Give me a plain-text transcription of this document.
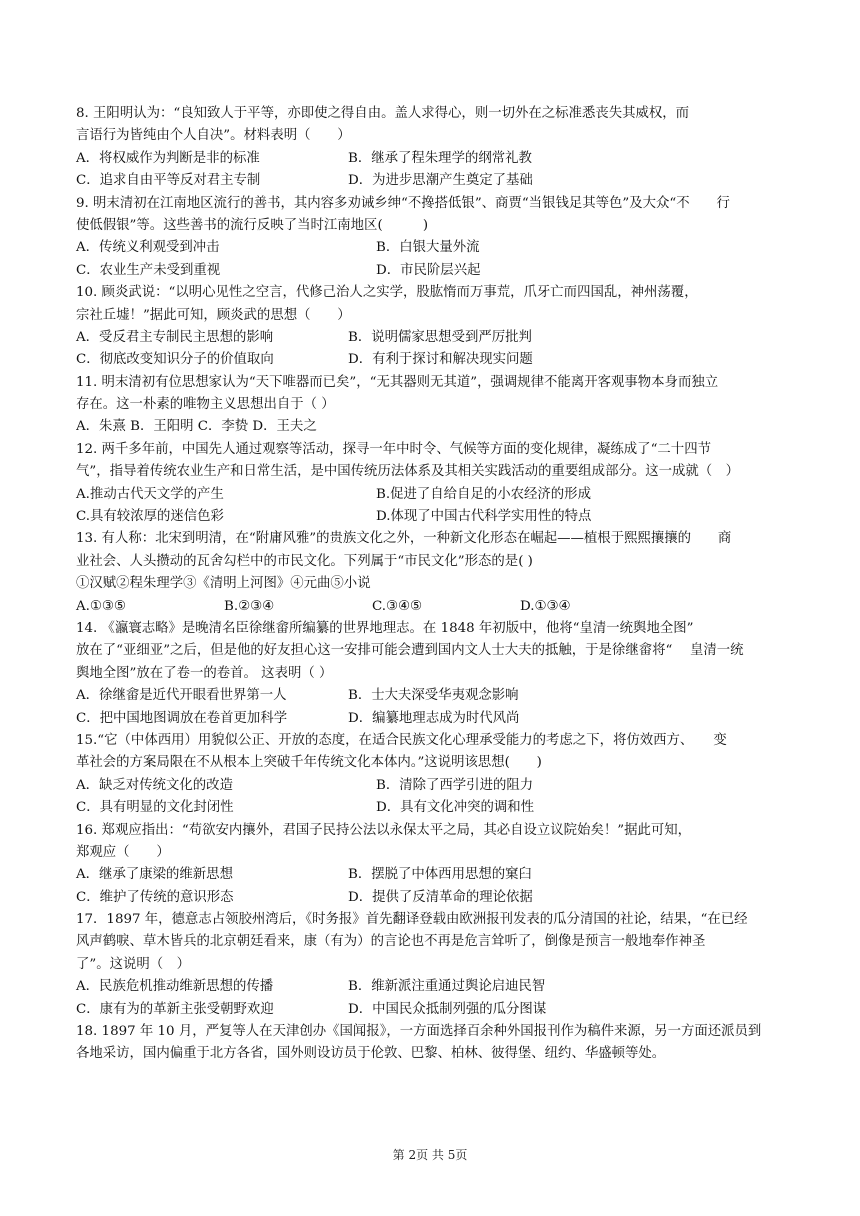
8. 王阳明认为：“良知致人于平等，亦即使之得自由。盖人求得心，则一切外在之标准悉丧失其威权，而
言语行为皆纯由个人自决”。材料表明（　　）
A．将权威作为判断是非的标准	B．继承了程朱理学的纲常礼教
C．追求自由平等反对君主专制	D．为进步思潮产生奠定了基础
9. 明末清初在江南地区流行的善书，其内容多劝诫乡绅“不搀搭低银”、商贾“当银钱足其等色”及大众“不　　行
使低假银”等。这些善书的流行反映了当时江南地区(　　　)
A．传统义利观受到冲击	B．白银大量外流
C．农业生产未受到重视	D．市民阶层兴起
10. 顾炎武说：“以明心见性之空言，代修己治人之实学，股肱惰而万事荒，爪牙亡而四国乱，神州荡覆，
宗社丘墟！”据此可知，顾炎武的思想（　　）
A．受反君主专制民主思想的影响	B．说明儒家思想受到严厉批判
C．彻底改变知识分子的价值取向	D．有利于探讨和解决现实问题
11. 明末清初有位思想家认为“天下唯器而已矣”，“无其器则无其道”，强调规律不能离开客观事物本身而独立
存在。这一朴素的唯物主义思想出自于（ ）
A．朱熹 B．王阳明 C．李贽 D．王夫之
12. 两千多年前，中国先人通过观察等活动，探寻一年中时令、气候等方面的变化规律，凝练成了“二十四节
气”，指导着传统农业生产和日常生活，是中国传统历法体系及其相关实践活动的重要组成部分。这一成就（　）
A.推动古代天文学的产生	B.促进了自给自足的小农经济的形成
C.具有较浓厚的迷信色彩	D.体现了中国古代科学实用性的特点
13. 有人称：北宋到明清，在“附庸风雅”的贵族文化之外，一种新文化形态在崛起——植根于熙熙攘攘的　　商
业社会、人头攒动的瓦舍勾栏中的市民文化。下列属于“市民文化”形态的是( )
①汉赋②程朱理学③《清明上河图》④元曲⑤小说
A.①③⑤	B.②③④	C.③④⑤	D.①③④
14. 《瀛寰志略》是晚清名臣徐继畲所编纂的世界地理志。在 1848 年初版中，他将“皇清一统舆地全图”
放在了“亚细亚”之后，但是他的好友担心这一安排可能会遭到国内文人士大夫的抵触，于是徐继畲将“　 皇清一统
舆地全图”放在了卷一的卷首。 这表明（ ）
A．徐继畲是近代开眼看世界第一人	B．士大夫深受华夷观念影响
C．把中国地图调放在卷首更加科学	D．编纂地理志成为时代风尚
15.“它（中体西用）用貌似公正、开放的态度，在适合民族文化心理承受能力的考虑之下，将仿效西方、　　变
革社会的方案局限在不从根本上突破千年传统文化本体内。”这说明该思想(　　)
A．缺乏对传统文化的改造	B．清除了西学引进的阻力
C．具有明显的文化封闭性	D．具有文化冲突的调和性
16. 郑观应指出：“苟欲安内攘外，君国子民持公法以永保太平之局，其必自设立议院始矣！”据此可知，
郑观应（　　）
A．继承了康梁的维新思想	B．摆脱了中体西用思想的窠臼
C．维护了传统的意识形态	D．提供了反清革命的理论依据
17．1897 年，德意志占领胶州湾后，《时务报》首先翻译登载由欧洲报刊发表的瓜分清国的社论，结果，“在已经
风声鹤唳、草木皆兵的北京朝廷看来，康（有为）的言论也不再是危言耸听了，倒像是预言一般地奉作神圣
了”。这说明（　）
A．民族危机推动维新思想的传播	B．维新派注重通过舆论启迪民智
C．康有为的革新主张受朝野欢迎	D．中国民众抵制列强的瓜分图谋
18. 1897 年 10 月，严复等人在天津创办《国闻报》，一方面选择百余种外国报刊作为稿件来源，另一方面还派员到
各地采访，国内偏重于北方各省，国外则设访员于伦敦、巴黎、柏林、彼得堡、纽约、华盛顿等处。
第 2页 共 5页
